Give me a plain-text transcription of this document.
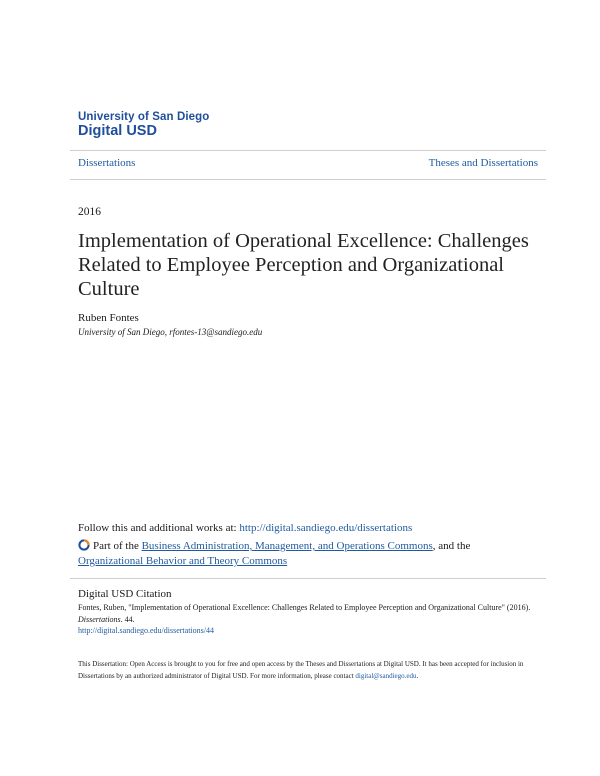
University of San Diego
Digital USD
Dissertations	Theses and Dissertations
2016
Implementation of Operational Excellence: Challenges Related to Employee Perception and Organizational Culture
Ruben Fontes
University of San Diego, rfontes-13@sandiego.edu
Follow this and additional works at: http://digital.sandiego.edu/dissertations
Part of the Business Administration, Management, and Operations Commons, and the Organizational Behavior and Theory Commons
Digital USD Citation
Fontes, Ruben, "Implementation of Operational Excellence: Challenges Related to Employee Perception and Organizational Culture" (2016). Dissertations. 44.
http://digital.sandiego.edu/dissertations/44
This Dissertation: Open Access is brought to you for free and open access by the Theses and Dissertations at Digital USD. It has been accepted for inclusion in Dissertations by an authorized administrator of Digital USD. For more information, please contact digital@sandiego.edu.
